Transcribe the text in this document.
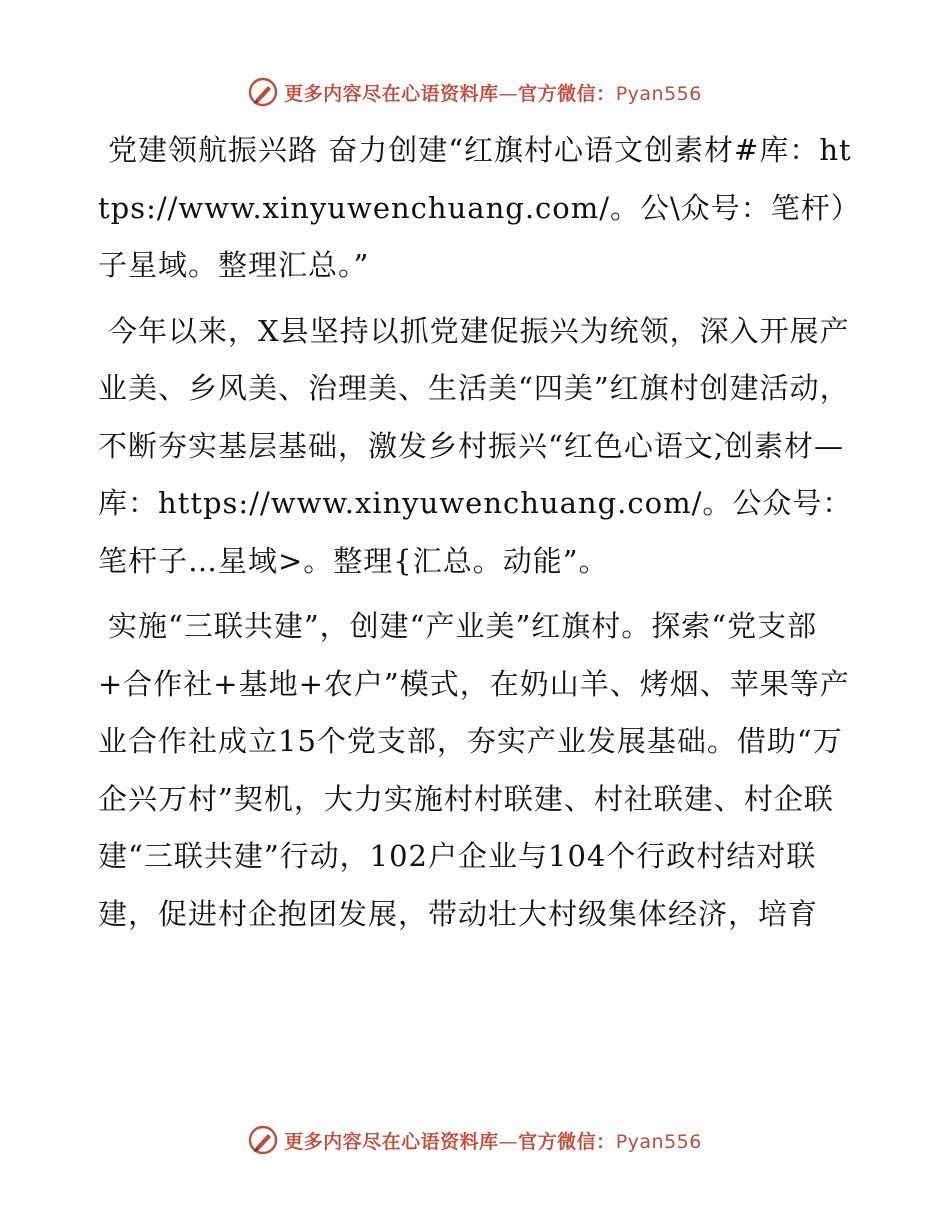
更多内容尽在心语资料库—官方微信：Pyan556

党建领航振兴路 奋力创建“红旗村心语文创素材#库：https://www.xinyuwenchuang.com/。公\众号：笔杆）子星域。整理汇总。”

今年以来，X县坚持以抓党建促振兴为统领，深入开展产业美、乡风美、治理美、生活美“四美”红旗村创建活动，不断夯实基层基础，激发乡村振兴“红色心语文̀,创素材—库：https://www.xinyuwenchuang.com/。公众号：笔杆子…星域>。整理{汇总。动能”。

实施“三联共建”，创建“产业美”红旗村。探索“党支部+合作社+基地+农户”模式，在奶山羊、烤烟、苹果等产业合作社成立15个党支部，夯实产业发展基础。借助“万企兴万村”契机，大力实施村村联建、村社联建、村企联建“三联共建”行动，102户企业与104个行政村结对联建，促进村企抱团发展，带动壮大村级集体经济，培育

更多内容尽在心语资料库—官方微信：Pyan556
